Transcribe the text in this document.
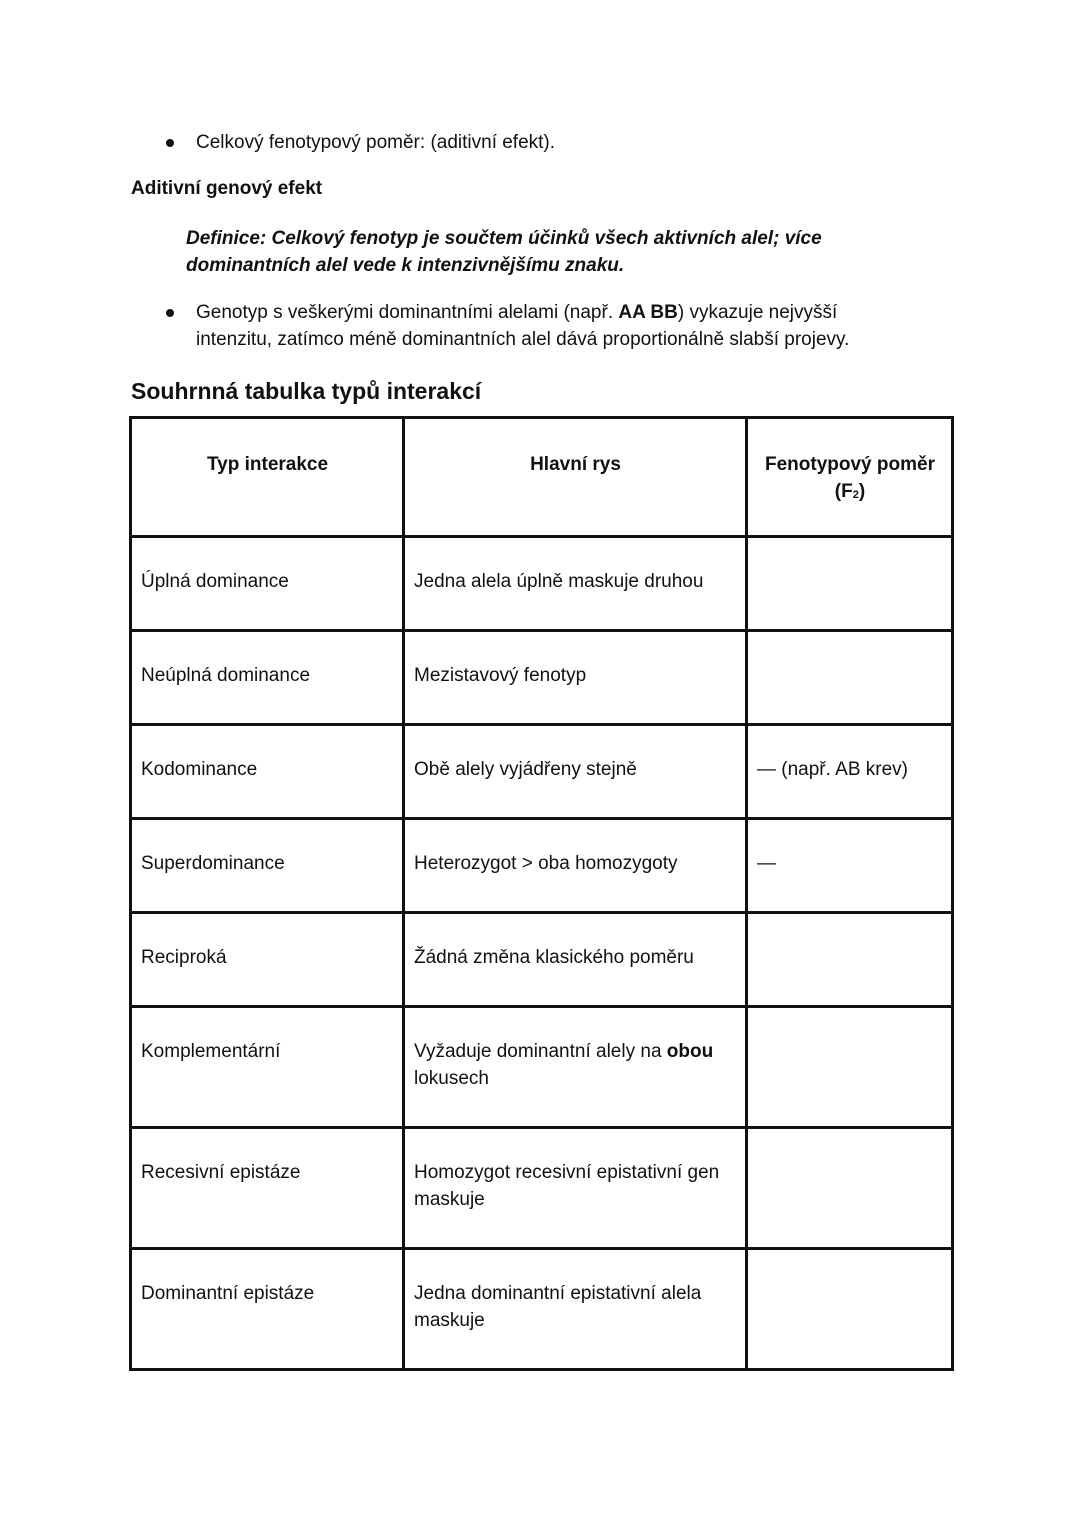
Celkový fenotypový poměr: (aditivní efekt).
Aditivní genový efekt
Definice: Celkový fenotyp je součtem účinků všech aktivních alel; více dominantních alel vede k intenzivnějšímu znaku.
Genotyp s veškerými dominantními alelami (např. AA BB) vykazuje nejvyšší intenzitu, zatímco méně dominantních alel dává proportionálně slabší projevy.
Souhrnná tabulka typů interakcí
Typ interakce	Hlavní rys	Fenotypový poměr
$(F_2)$
Úplná dominance	Jedna alela úplně maskuje druhou	
Neúplná dominance	Mezistavový fenotyp	
Kodominance	Obě alely vyjádřeny stejně	— (např. AB krev)
Superdominance	Heterozygot > oba homozygoty	—
Reciproká	Žádná změna klasického poměru	
Komplementární	Vyžaduje dominantní alely na obou lokusech	
Recesivní epistáze	Homozygot recesivní epistativní gen maskuje	
Dominantní epistáze	Jedna dominantní epistativní alela maskuje	
